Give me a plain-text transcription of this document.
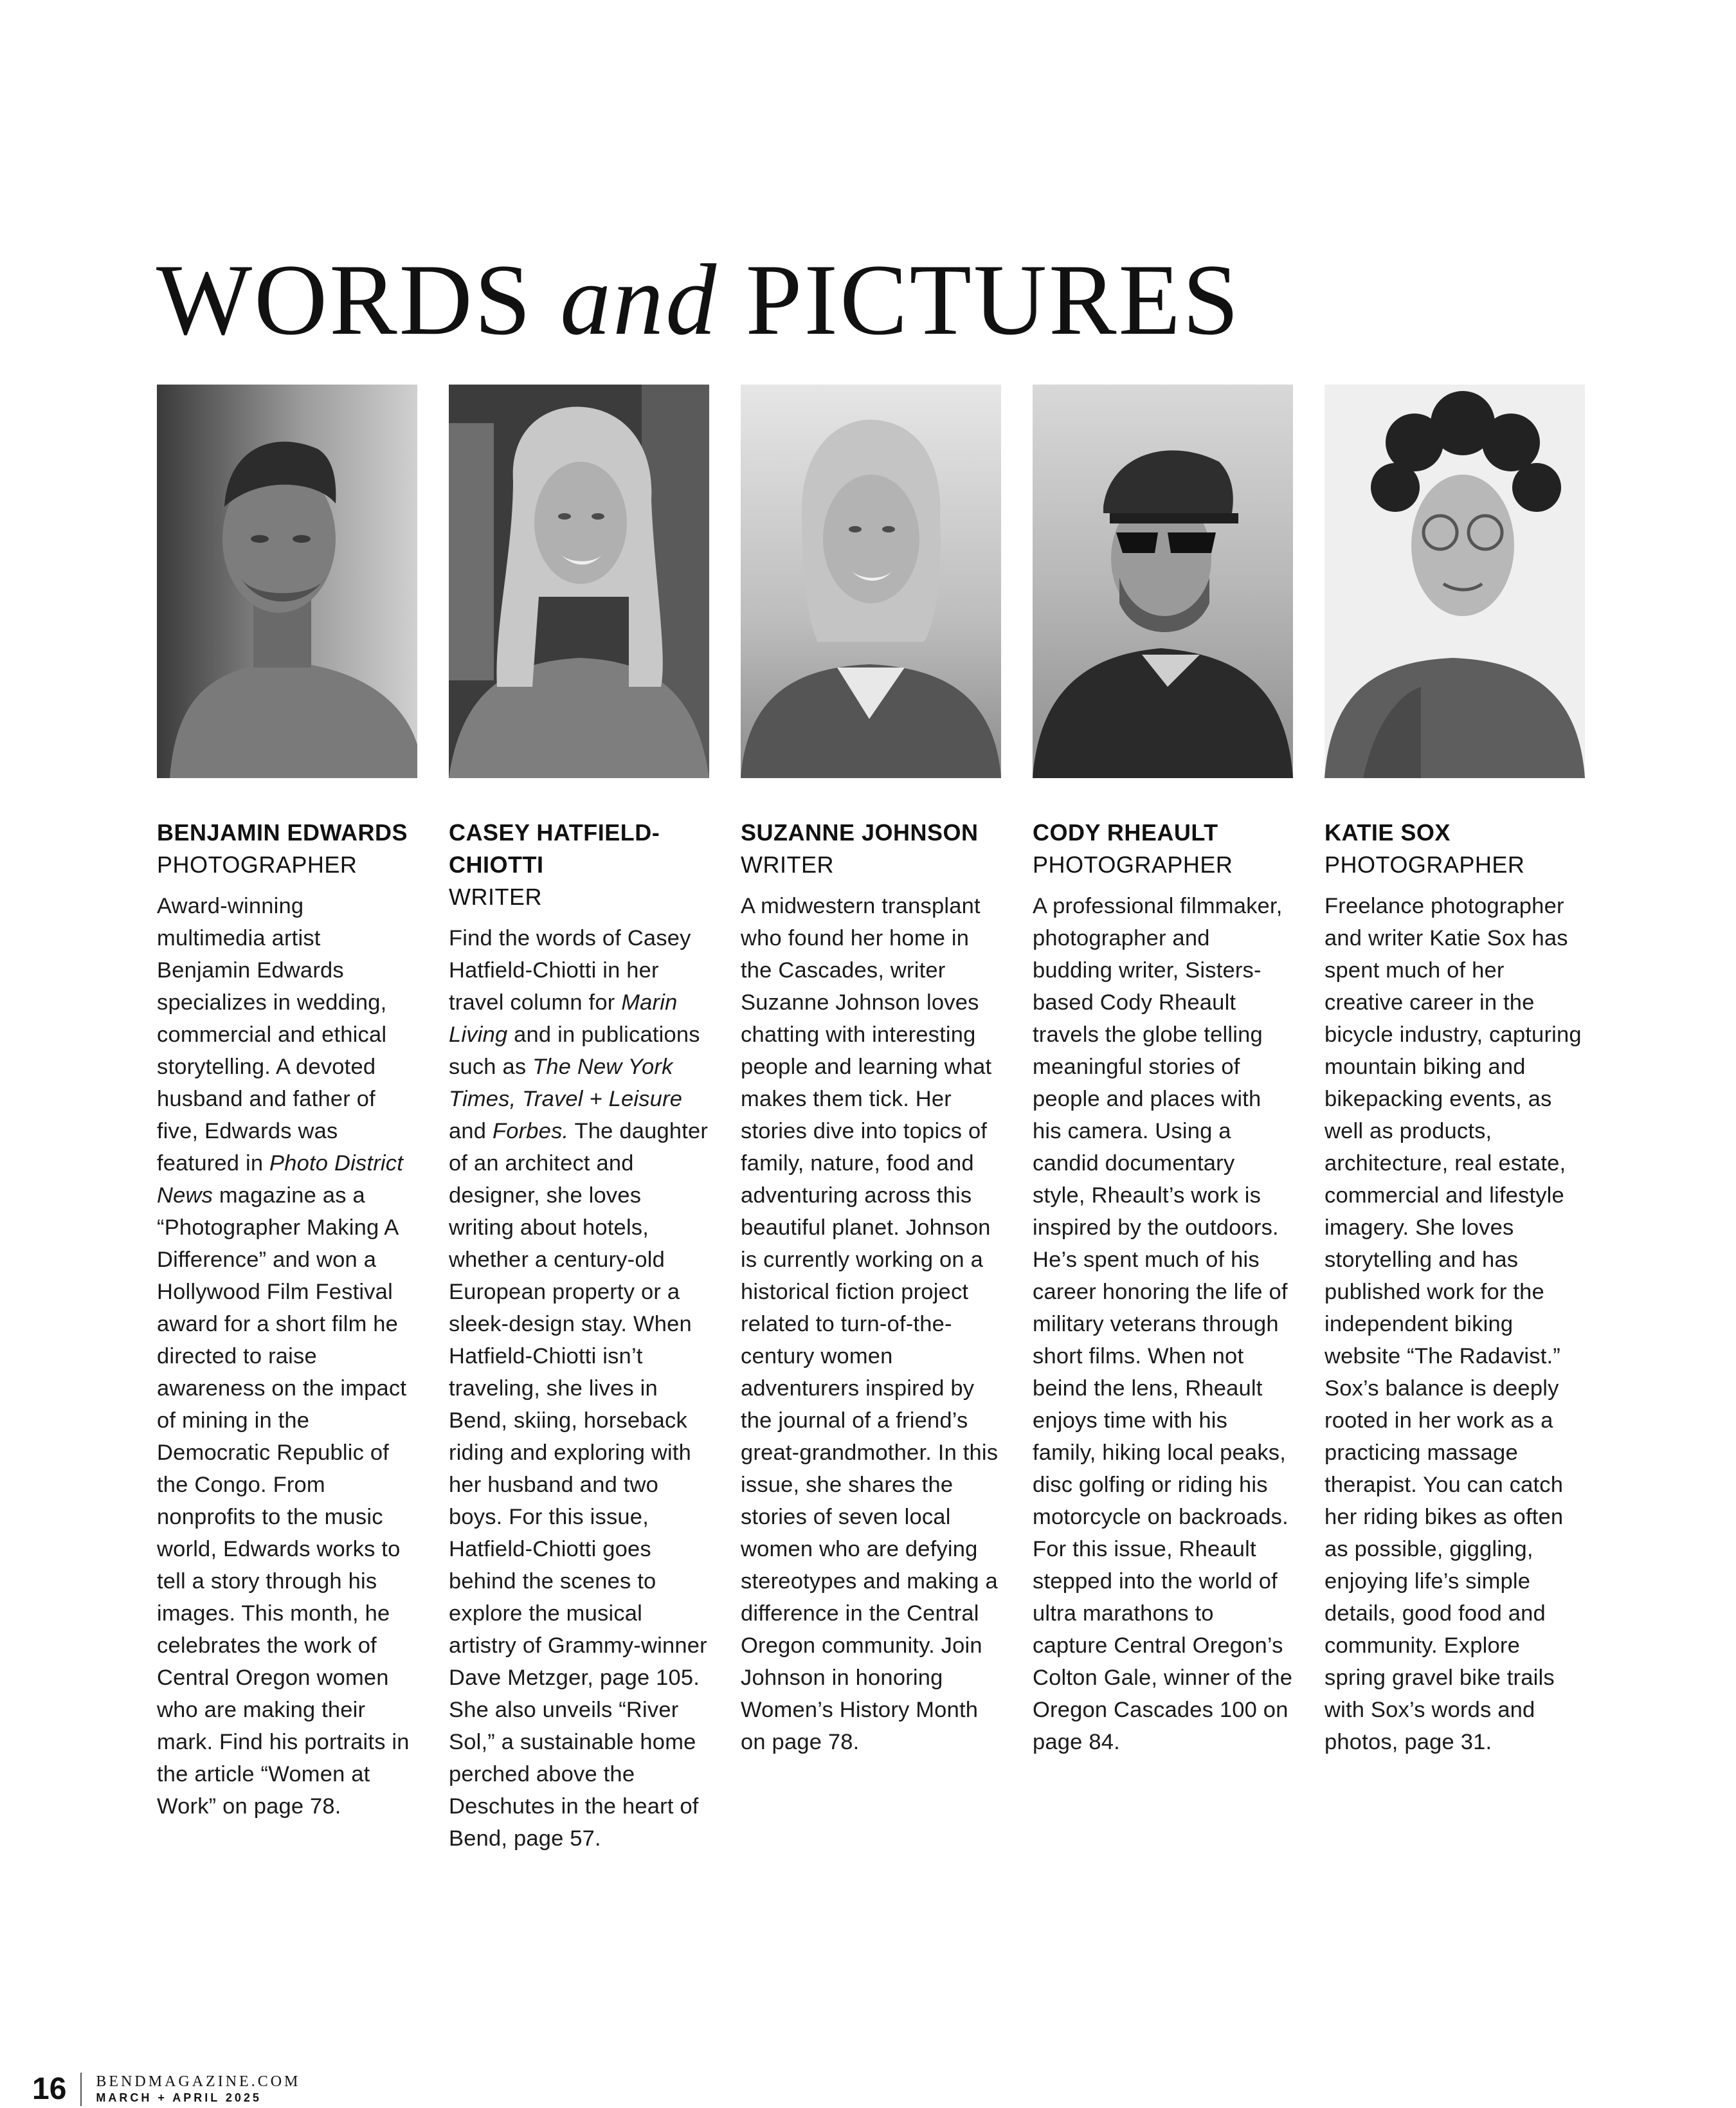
WORDS and PICTURES
BENJAMIN EDWARDS
PHOTOGRAPHER
Award-winning multimedia artist Benjamin Edwards specializes in wedding, commercial and ethical storytelling. A devoted husband and father of five, Edwards was featured in Photo District News magazine as a “Photographer Making A Difference” and won a Hollywood Film Festival award for a short film he directed to raise awareness on the impact of mining in the Democratic Republic of the Congo. From nonprofits to the music world, Edwards works to tell a story through his images. This month, he celebrates the work of Central Oregon women who are making their mark. Find his portraits in the article “Women at Work” on page 78.
CASEY HATFIELD-CHIOTTI
WRITER
Find the words of Casey Hatfield-Chiotti in her travel column for Marin Living and in publications such as The New York Times, Travel + Leisure and Forbes. The daughter of an architect and designer, she loves writing about hotels, whether a century-old European property or a sleek-design stay. When Hatfield-Chiotti isn’t traveling, she lives in Bend, skiing, horseback riding and exploring with her husband and two boys. For this issue, Hatfield-Chiotti goes behind the scenes to explore the musical artistry of Grammy-winner Dave Metzger, page 105. She also unveils “River Sol,” a sustainable home perched above the Deschutes in the heart of Bend, page 57.
SUZANNE JOHNSON
WRITER
A midwestern transplant who found her home in the Cascades, writer Suzanne Johnson loves chatting with interesting people and learning what makes them tick. Her stories dive into topics of family, nature, food and adventuring across this beautiful planet. Johnson is currently working on a historical fiction project related to turn-of-the-century women adventurers inspired by the journal of a friend’s great-grandmother. In this issue, she shares the stories of seven local women who are defying stereotypes and making a difference in the Central Oregon community. Join Johnson in honoring Women’s History Month on page 78.
CODY RHEAULT
PHOTOGRAPHER
A professional filmmaker, photographer and budding writer, Sisters-based Cody Rheault travels the globe telling meaningful stories of people and places with his camera. Using a candid documentary style, Rheault’s work is inspired by the outdoors. He’s spent much of his career honoring the life of military veterans through short films. When not beind the lens, Rheault enjoys time with his family, hiking local peaks, disc golfing or riding his motorcycle on backroads. For this issue, Rheault stepped into the world of ultra marathons to capture Central Oregon’s Colton Gale, winner of the Oregon Cascades 100 on page 84.
KATIE SOX
PHOTOGRAPHER
Freelance photographer and writer Katie Sox has spent much of her creative career in the bicycle industry, capturing mountain biking and bikepacking events, as well as products, architecture, real estate, commercial and lifestyle imagery. She loves storytelling and has published work for the independent biking website “The Radavist.” Sox’s balance is deeply rooted in her work as a practicing massage therapist. You can catch her riding bikes as often as possible, giggling, enjoying life’s simple details, good food and community. Explore spring gravel bike trails with Sox’s words and photos, page 31.
16 BENDMAGAZINE.COM
MARCH + APRIL 2025
